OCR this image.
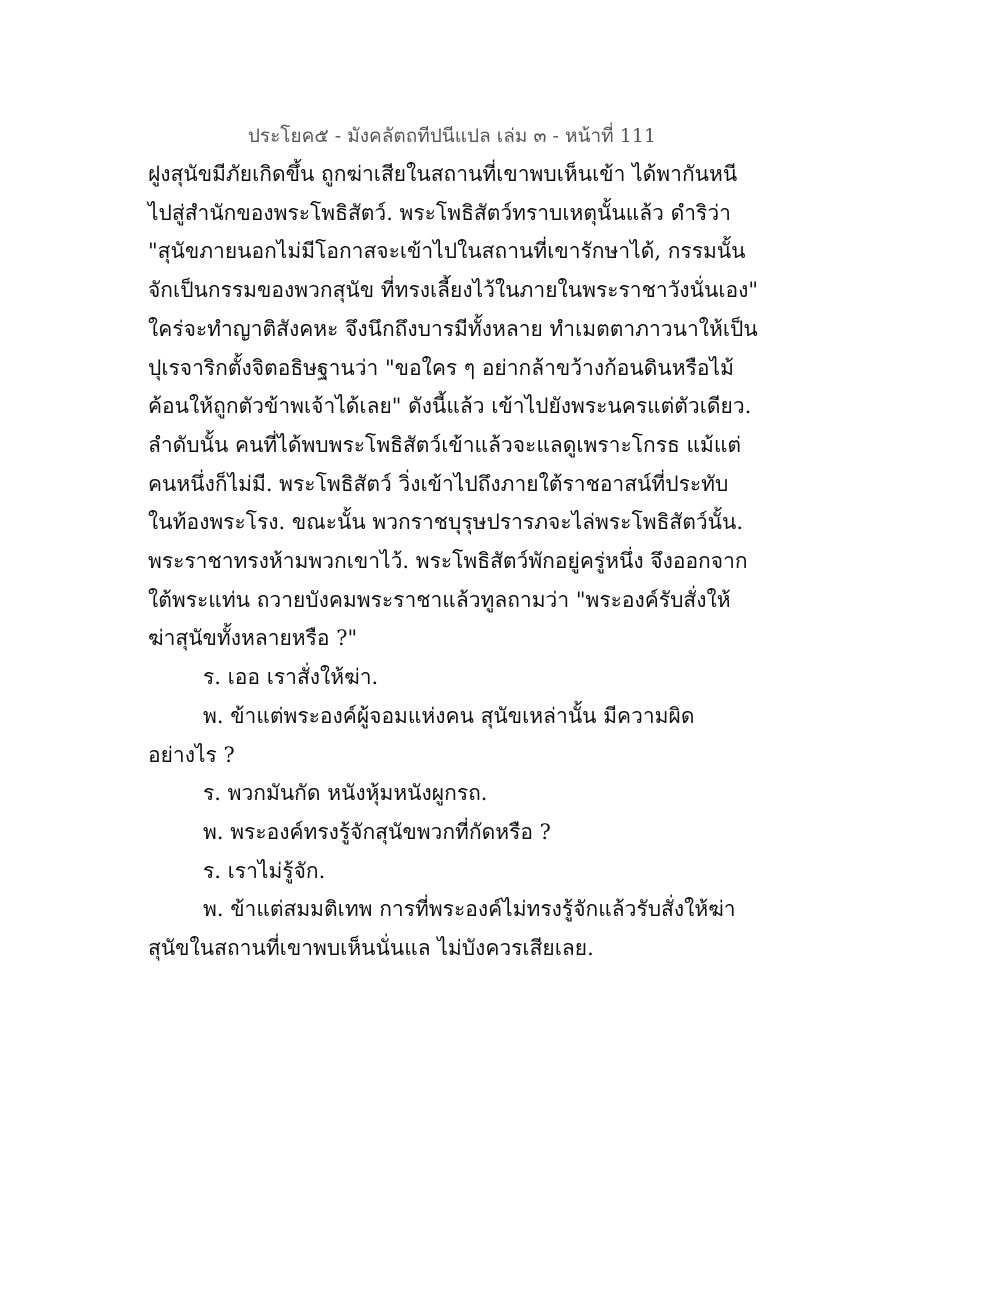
ประโยค๕ - มังคลัตถทีปนีแปล เล่ม ๓ - หน้าที่ 111
ฝูงสุนัขมีภัยเกิดขึ้น ถูกฆ่าเสียในสถานที่เขาพบเห็นเข้า ได้พากันหนี
ไปสู่สำนักของพระโพธิสัตว์. พระโพธิสัตว์ทราบเหตุนั้นแล้ว ดำริว่า
"สุนัขภายนอกไม่มีโอกาสจะเข้าไปในสถานที่เขารักษาได้, กรรมนั้น
จักเป็นกรรมของพวกสุนัข ที่ทรงเลี้ยงไว้ในภายในพระราชาวังนั่นเอง"
ใคร่จะทำญาติสังคหะ จึงนึกถึงบารมีทั้งหลาย ทำเมตตาภาวนาให้เป็น
ปุเรจาริกตั้งจิตอธิษฐานว่า "ขอใคร ๆ อย่ากล้าขว้างก้อนดินหรือไม้
ค้อนให้ถูกตัวข้าพเจ้าได้เลย" ดังนี้แล้ว เข้าไปยังพระนครแต่ตัวเดียว.
ลำดับนั้น คนที่ได้พบพระโพธิสัตว์เข้าแล้วจะแลดูเพราะโกรธ แม้แต่
คนหนึ่งก็ไม่มี. พระโพธิสัตว์ วิ่งเข้าไปถึงภายใต้ราชอาสน์ที่ประทับ
ในท้องพระโรง. ขณะนั้น พวกราชบุรุษปรารภจะไล่พระโพธิสัตว์นั้น.
พระราชาทรงห้ามพวกเขาไว้. พระโพธิสัตว์พักอยู่ครู่หนึ่ง จึงออกจาก
ใต้พระแท่น ถวายบังคมพระราชาแล้วทูลถามว่า "พระองค์รับสั่งให้
ฆ่าสุนัขทั้งหลายหรือ ?"
ร. เออ เราสั่งให้ฆ่า.
พ. ข้าแต่พระองค์ผู้จอมแห่งคน สุนัขเหล่านั้น มีความผิด
อย่างไร ?
ร. พวกมันกัด หนังหุ้มหนังผูกรถ.
พ. พระองค์ทรงรู้จักสุนัขพวกที่กัดหรือ ?
ร. เราไม่รู้จัก.
พ. ข้าแต่สมมติเทพ การที่พระองค์ไม่ทรงรู้จักแล้วรับสั่งให้ฆ่า
สุนัขในสถานที่เขาพบเห็นนั่นแล ไม่บังควรเสียเลย.
